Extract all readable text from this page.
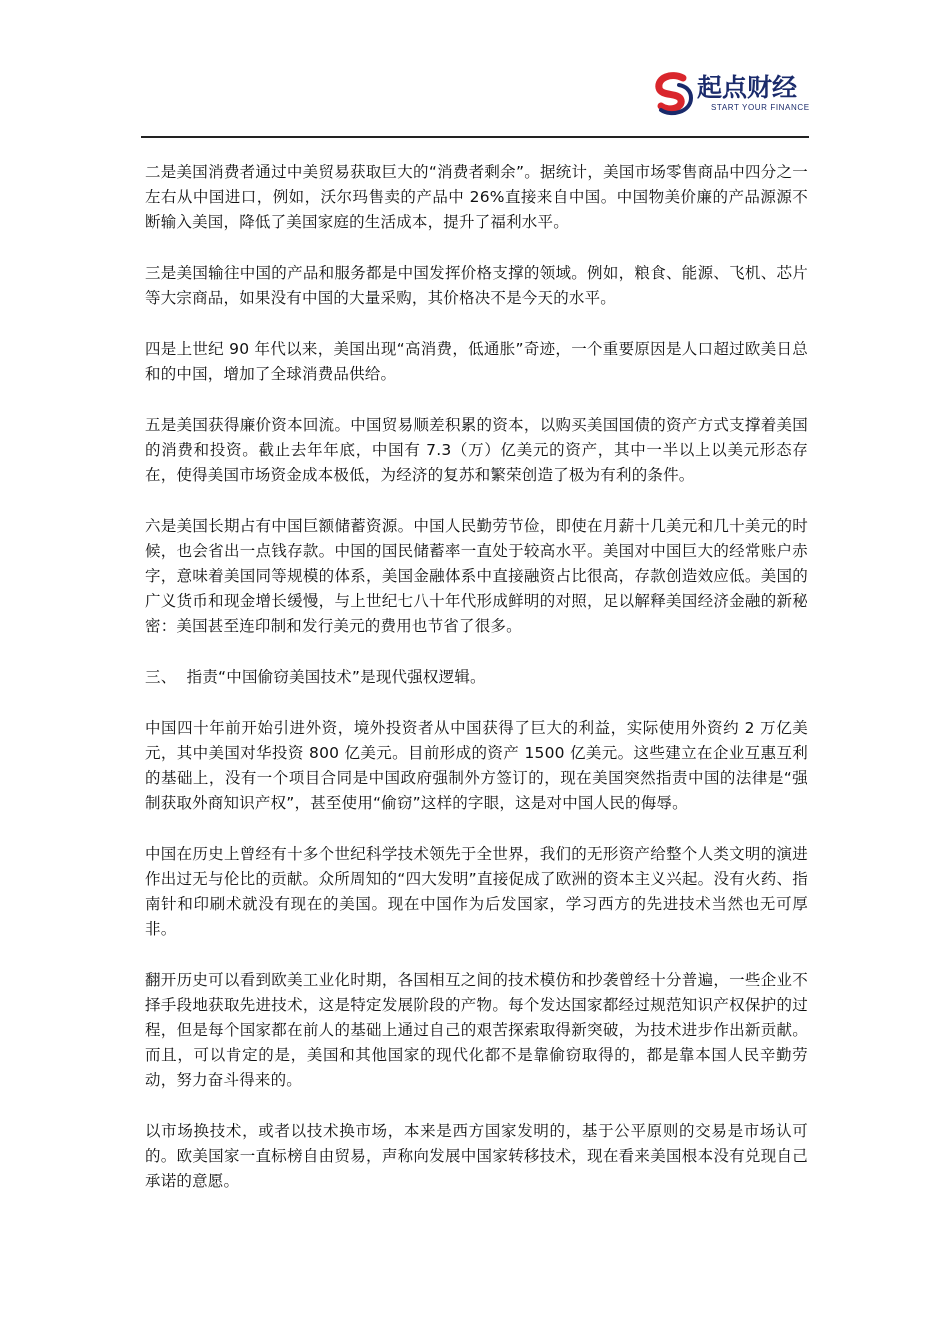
起点财经
START YOUR FINANCE

二是美国消费者通过中美贸易获取巨大的“消费者剩余”。据统计，美国市场零售商品中四分之一左右从中国进口，例如，沃尔玛售卖的产品中 26%直接来自中国。中国物美价廉的产品源源不断输入美国，降低了美国家庭的生活成本，提升了福利水平。

三是美国输往中国的产品和服务都是中国发挥价格支撑的领域。例如，粮食、能源、飞机、芯片等大宗商品，如果没有中国的大量采购，其价格决不是今天的水平。

四是上世纪 90 年代以来，美国出现“高消费，低通胀”奇迹，一个重要原因是人口超过欧美日总和的中国，增加了全球消费品供给。

五是美国获得廉价资本回流。中国贸易顺差积累的资本，以购买美国国债的资产方式支撑着美国的消费和投资。截止去年年底，中国有 7.3（万）亿美元的资产，其中一半以上以美元形态存在，使得美国市场资金成本极低，为经济的复苏和繁荣创造了极为有利的条件。

六是美国长期占有中国巨额储蓄资源。中国人民勤劳节俭，即使在月薪十几美元和几十美元的时候，也会省出一点钱存款。中国的国民储蓄率一直处于较高水平。美国对中国巨大的经常账户赤字，意味着美国同等规模的体系，美国金融体系中直接融资占比很高，存款创造效应低。美国的广义货币和现金增长缓慢，与上世纪七八十年代形成鲜明的对照，足以解释美国经济金融的新秘密：美国甚至连印制和发行美元的费用也节省了很多。

三、  指责“中国偷窃美国技术”是现代强权逻辑。

中国四十年前开始引进外资，境外投资者从中国获得了巨大的利益，实际使用外资约 2 万亿美元，其中美国对华投资 800 亿美元。目前形成的资产 1500 亿美元。这些建立在企业互惠互利的基础上，没有一个项目合同是中国政府强制外方签订的，现在美国突然指责中国的法律是“强制获取外商知识产权”，甚至使用“偷窃”这样的字眼，这是对中国人民的侮辱。

中国在历史上曾经有十多个世纪科学技术领先于全世界，我们的无形资产给整个人类文明的演进作出过无与伦比的贡献。众所周知的“四大发明”直接促成了欧洲的资本主义兴起。没有火药、指南针和印刷术就没有现在的美国。现在中国作为后发国家，学习西方的先进技术当然也无可厚非。

翻开历史可以看到欧美工业化时期，各国相互之间的技术模仿和抄袭曾经十分普遍，一些企业不择手段地获取先进技术，这是特定发展阶段的产物。每个发达国家都经过规范知识产权保护的过程，但是每个国家都在前人的基础上通过自己的艰苦探索取得新突破，为技术进步作出新贡献。而且，可以肯定的是，美国和其他国家的现代化都不是靠偷窃取得的，都是靠本国人民辛勤劳动，努力奋斗得来的。

以市场换技术，或者以技术换市场，本来是西方国家发明的，基于公平原则的交易是市场认可的。欧美国家一直标榜自由贸易，声称向发展中国家转移技术，现在看来美国根本没有兑现自己承诺的意愿。
